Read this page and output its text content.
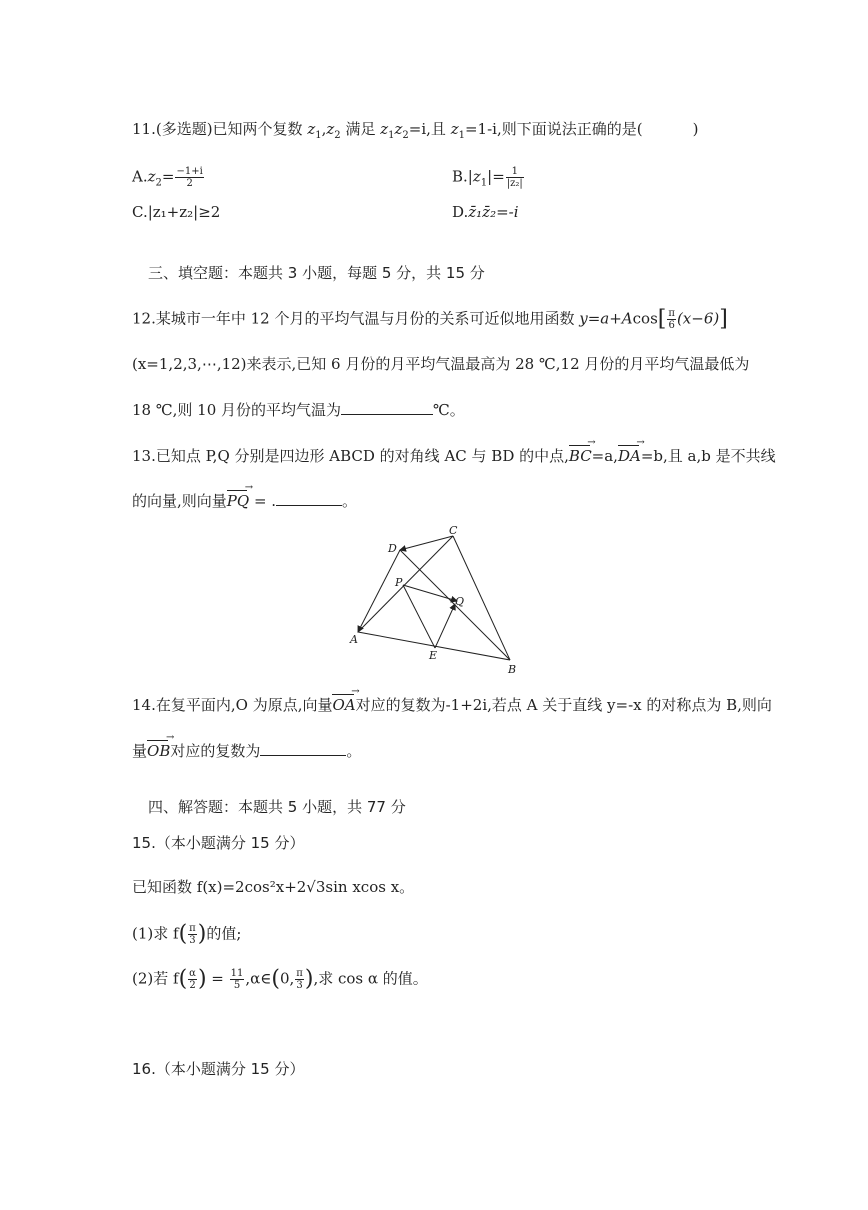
11.(多选题)已知两个复数 $z_1,z_2$ 满足 $z_1z_2=i$,且 $z_1=1-i$,则下面说法正确的是(	)
$A.z_2= \frac{-1+i}{2}$	$B.|z_1|= \frac{1}{\text{|z₂|}}$
C.|z₁+z₂|≥2	D.z̄₁z̄₂=-i
三、填空题：本题共 3 小题，每题 5 分，共 15 分
12.某城市一年中 12 个月的平均气温与月份的关系可近似地用函数 $y=a+Acos[ \frac{\pi}{6} (x-6)]$
(x=1,2,3,⋯,12)来表示,已知 6 月份的月平均气温最高为 28 ℃,12 月份的月平均气温最低为
18 ℃,则 10 月份的平均气温为	℃。
13.已知点 P,Q 分别是四边形 ABCD 的对角线 AC 与 BD 的中点,BC →=a,DA →=b,且 a,b 是不共线
的向量,则向量PQ → = .	。
D
C
P
Q
A
E
B
14.在复平面内,O 为原点,向量OA →对应的复数为-1+2i,若点 A 关于直线 y=-x 的对称点为 B,则向
量OB →对应的复数为	。
四、解答题：本题共 5 小题，共 77 分
15.（本小题满分 15 分）
已知函数 f(x)=2cos²x+2√3sin xcos x。
(1)求 $f( \frac{\pi}{3}$ )的值;
(2)若 $f( \frac{\alpha}{2}$ ) = $\frac{11}{5}$ ,α∈(0, $\frac{\pi}{3}$ ),求 cos α 的值。
16.（本小题满分 15 分）
